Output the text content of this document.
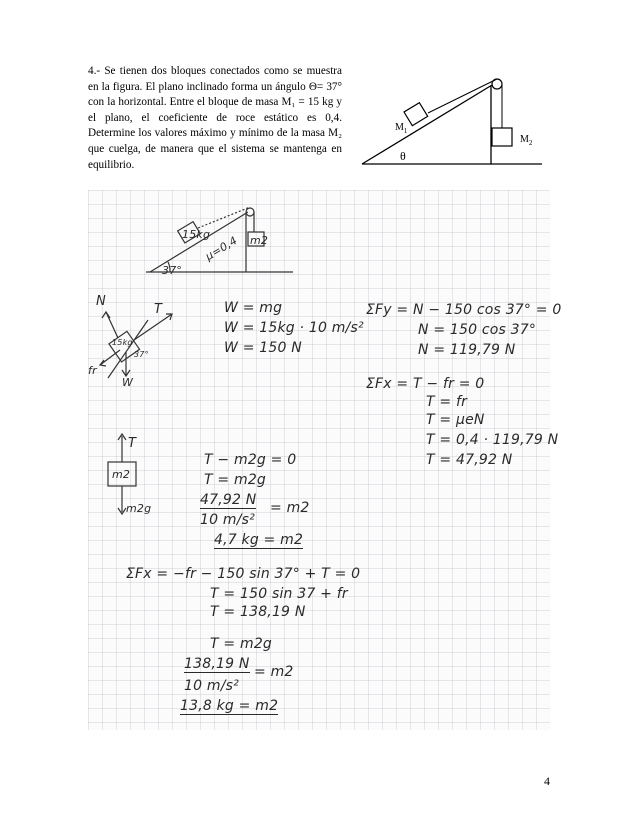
4.- Se tienen dos bloques conectados como se muestra en la figura. El plano inclinado forma un ángulo Θ= 37° con la horizontal. Entre el bloque de masa M₁ = 15 kg y el plano, el coeficiente de roce estático es 0,4. Determine los valores máximo y mínimo de la masa M₂ que cuelga, de manera que el sistema se mantenga en equilibrio.

$M_1$
$M_2$
θ
15kg
μ=0,4
37°
m2
N
T
fr
W
15kg
37°
W = mg
W = 15kg · 10 m/s²
W = 150 N
ΣFy = N − 150 cos 37° = 0
N = 150 cos 37°
N = 119,79 N
ΣFx = T − fr = 0
T = fr
T = μeN
T = 0,4 · 119,79 N
T = 47,92 N
T
m2
m2g
T − m2g = 0
T = m2g
47,92 N = m2
10 m/s²
4,7 kg = m2
ΣFx = −fr − 150 sin 37° + T = 0
T = 150 sin 37 + fr
T = 138,19 N
T = m2g
138,19 N = m2
10 m/s²
13,8 kg = m2
4
